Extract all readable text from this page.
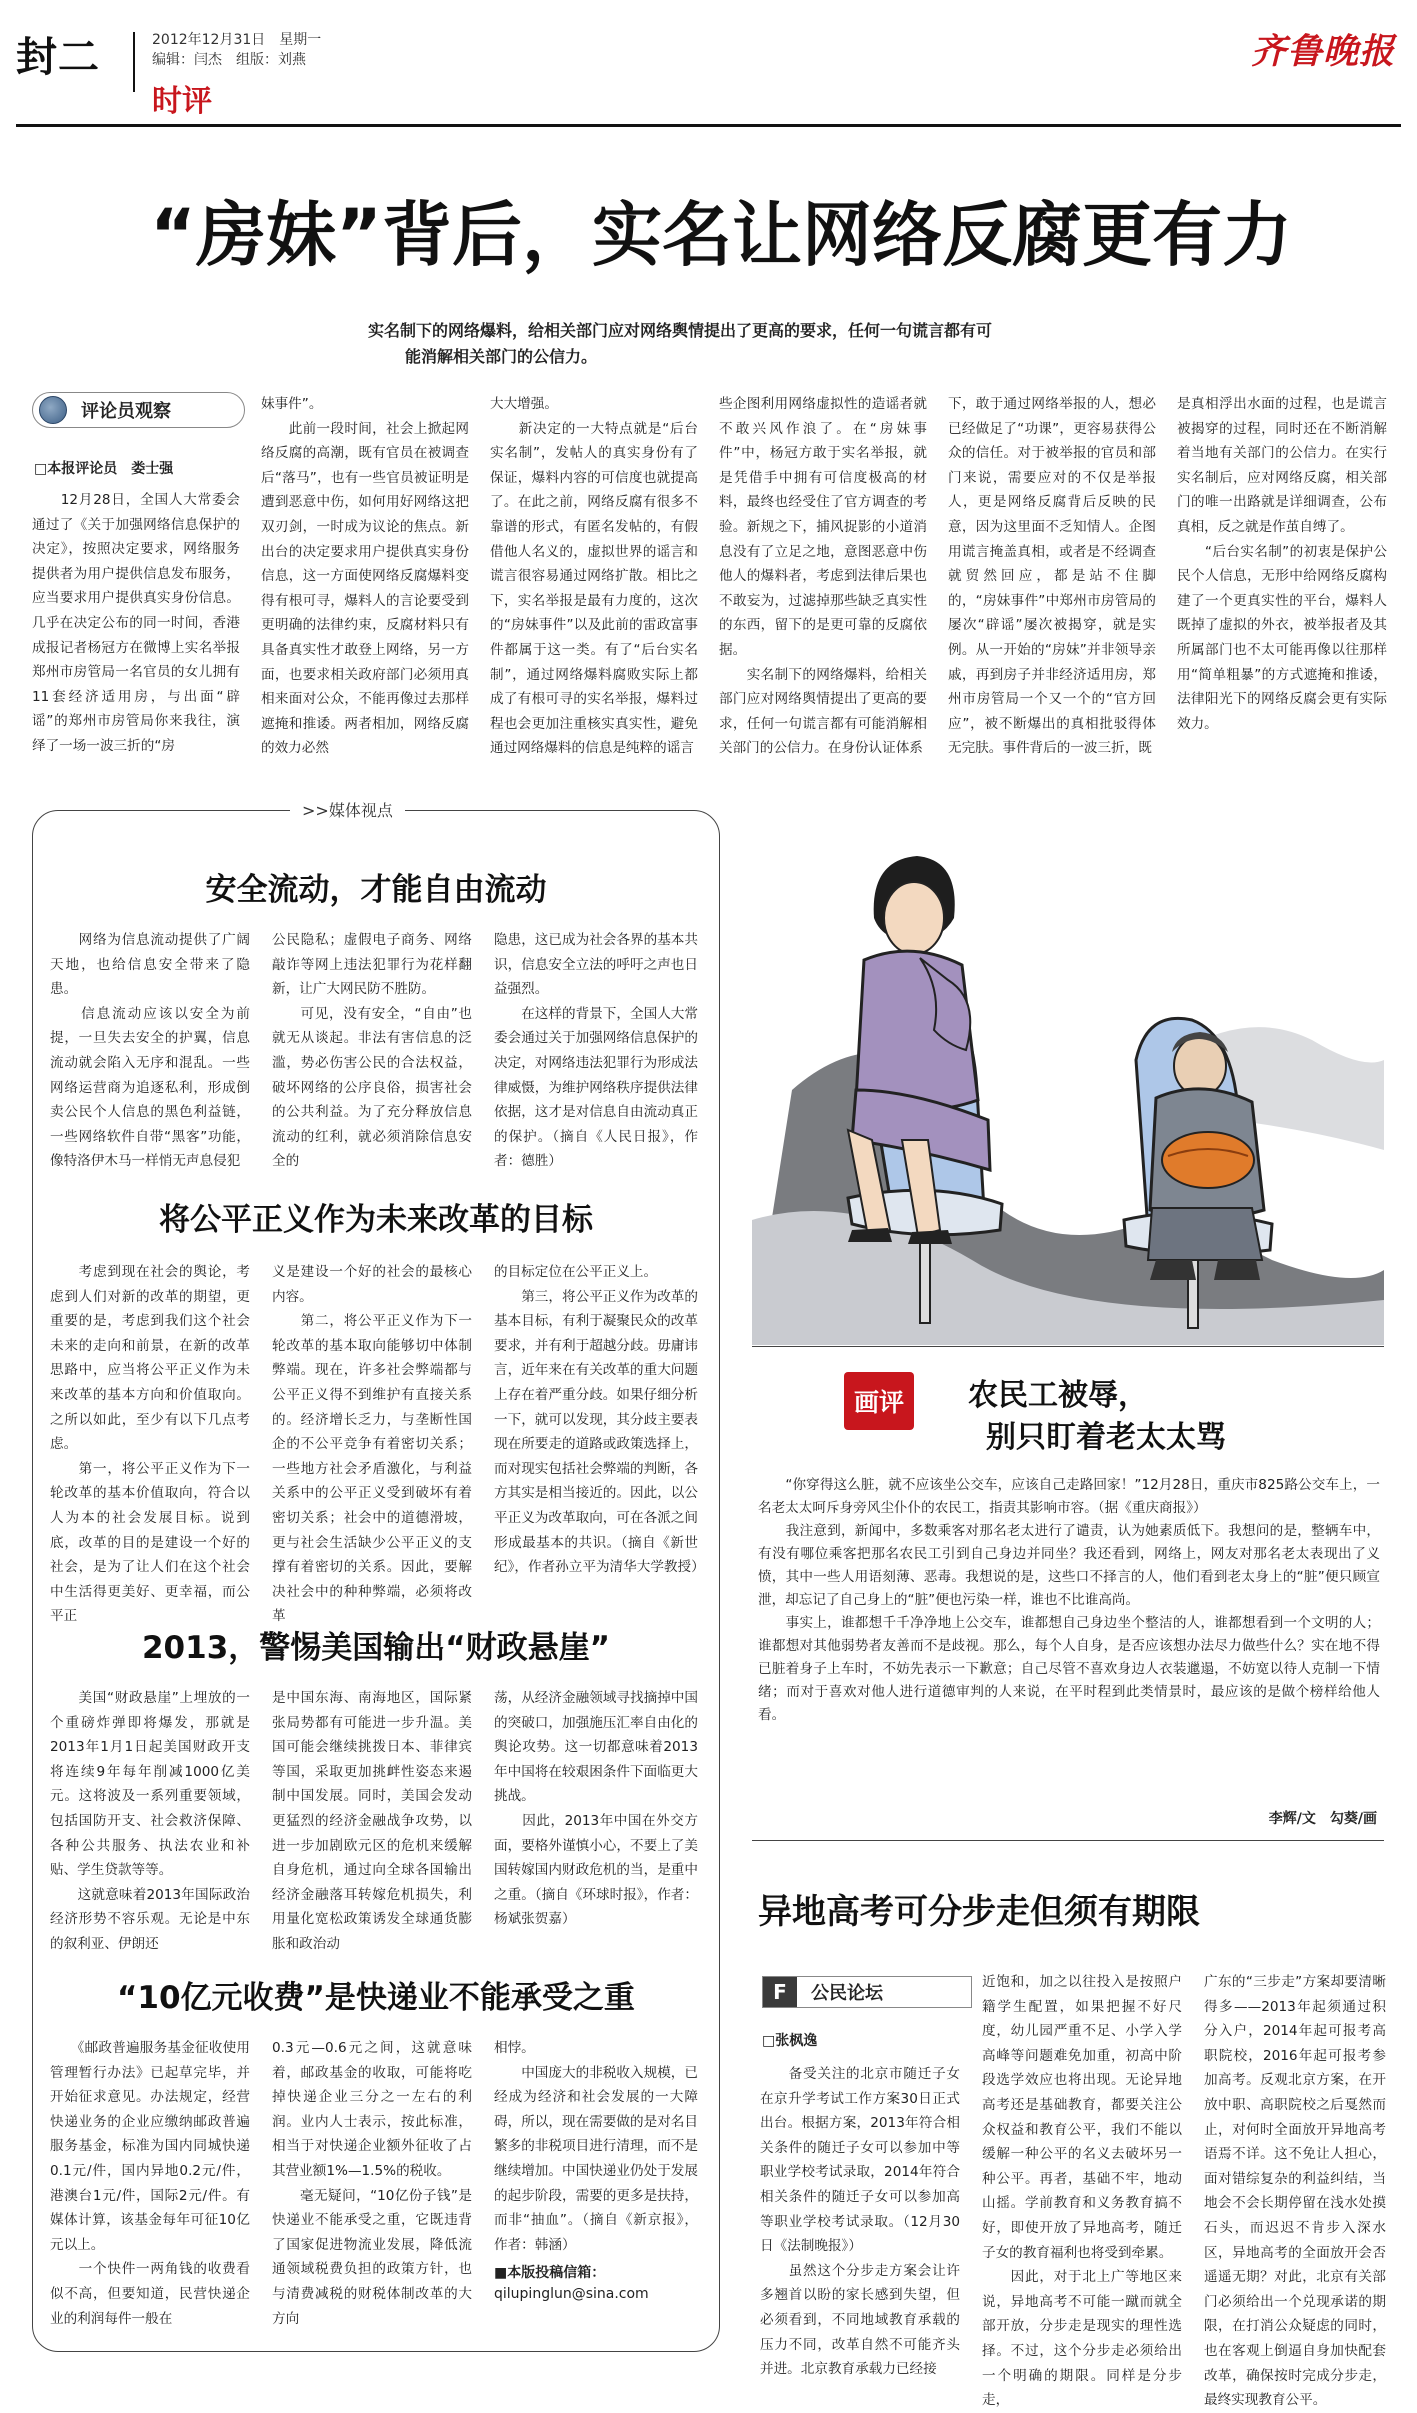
封二	2012年12月31日　星期一
编辑：闫杰　组版：刘燕
时评
齐鲁晚报
“房妹”背后，实名让网络反腐更有力
实名制下的网络爆料，给相关部门应对网络舆情提出了更高的要求，任何一句谎言都有可
能消解相关部门的公信力。
评论员观察
□本报评论员　娄士强
　　12月28日，全国人大常委会通过了《关于加强网络信息保护的决定》，按照决定要求，网络服务提供者为用户提供信息发布服务，应当要求用户提供真实身份信息。几乎在决定公布的同一时间，香港成报记者杨冠方在微博上实名举报郑州市房管局一名官员的女儿拥有11套经济适用房，与出面“辟谣”的郑州市房管局你来我往，演绎了一场一波三折的“房
妹事件”。
　　此前一段时间，社会上掀起网络反腐的高潮，既有官员在被调查后“落马”，也有一些官员被证明是遭到恶意中伤，如何用好网络这把双刃剑，一时成为议论的焦点。新出台的决定要求用户提供真实身份信息，这一方面使网络反腐爆料变得有根可寻，爆料人的言论要受到更明确的法律约束，反腐材料只有具备真实性才敢登上网络，另一方面，也要求相关政府部门必须用真相来面对公众，不能再像过去那样遮掩和推诿。两者相加，网络反腐的效力必然
大大增强。
　　新决定的一大特点就是“后台实名制”，发帖人的真实身份有了保证，爆料内容的可信度也就提高了。在此之前，网络反腐有很多不靠谱的形式，有匿名发帖的，有假借他人名义的，虚拟世界的谣言和谎言很容易通过网络扩散。相比之下，实名举报是最有力度的，这次的“房妹事件”以及此前的雷政富事件都属于这一类。有了“后台实名制”，通过网络爆料腐败实际上都成了有根可寻的实名举报，爆料过程也会更加注重核实真实性，避免通过网络爆料的信息是纯粹的谣言
些企图利用网络虚拟性的造谣者就不敢兴风作浪了。在“房妹事件”中，杨冠方敢于实名举报，就是凭借手中拥有可信度极高的材料，最终也经受住了官方调查的考验。新规之下，捕风捉影的小道消息没有了立足之地，意图恶意中伤他人的爆料者，考虑到法律后果也不敢妄为，过滤掉那些缺乏真实性的东西，留下的是更可靠的反腐依据。
　　实名制下的网络爆料，给相关部门应对网络舆情提出了更高的要求，任何一句谎言都有可能消解相关部门的公信力。在身份认证体系
下，敢于通过网络举报的人，想必已经做足了“功课”，更容易获得公众的信任。对于被举报的官员和部门来说，需要应对的不仅是举报人，更是网络反腐背后反映的民意，因为这里面不乏知情人。企图用谎言掩盖真相，或者是不经调查就贸然回应，都是站不住脚的，“房妹事件”中郑州市房管局的屡次“辟谣”屡次被揭穿，就是实例。从一开始的“房妹”并非领导亲戚，再到房子并非经济适用房，郑州市房管局一个又一个的“官方回应”，被不断爆出的真相批驳得体无完肤。事件背后的一波三折，既
是真相浮出水面的过程，也是谎言被揭穿的过程，同时还在不断消解着当地有关部门的公信力。在实行实名制后，应对网络反腐，相关部门的唯一出路就是详细调查，公布真相，反之就是作茧自缚了。
　　“后台实名制”的初衷是保护公民个人信息，无形中给网络反腐构建了一个更真实性的平台，爆料人既掉了虚拟的外衣，被举报者及其所属部门也不太可能再像以往那样用“简单粗暴”的方式遮掩和推诿，法律阳光下的网络反腐会更有实际效力。
>>媒体视点
安全流动，才能自由流动
　　网络为信息流动提供了广阔天地，也给信息安全带来了隐患。
　　信息流动应该以安全为前提，一旦失去安全的护翼，信息流动就会陷入无序和混乱。一些网络运营商为追逐私利，形成倒卖公民个人信息的黑色利益链，一些网络软件自带“黑客”功能，像特洛伊木马一样悄无声息侵犯
公民隐私；虚假电子商务、网络敲诈等网上违法犯罪行为花样翻新，让广大网民防不胜防。
　　可见，没有安全，“自由”也就无从谈起。非法有害信息的泛滥，势必伤害公民的合法权益，破坏网络的公序良俗，损害社会的公共利益。为了充分释放信息流动的红利，就必须消除信息安全的
隐患，这已成为社会各界的基本共识，信息安全立法的呼吁之声也日益强烈。
　　在这样的背景下，全国人大常委会通过关于加强网络信息保护的决定，对网络违法犯罪行为形成法律威慑，为维护网络秩序提供法律依据，这才是对信息自由流动真正的保护。（摘自《人民日报》，作者：德胜）
将公平正义作为未来改革的目标
　　考虑到现在社会的舆论，考虑到人们对新的改革的期望，更重要的是，考虑到我们这个社会未来的走向和前景，在新的改革思路中，应当将公平正义作为未来改革的基本方向和价值取向。之所以如此，至少有以下几点考虑。
　　第一，将公平正义作为下一轮改革的基本价值取向，符合以人为本的社会发展目标。说到底，改革的目的是建设一个好的社会，是为了让人们在这个社会中生活得更美好、更幸福，而公平正
义是建设一个好的社会的最核心内容。
　　第二，将公平正义作为下一轮改革的基本取向能够切中体制弊端。现在，许多社会弊端都与公平正义得不到维护有直接关系的。经济增长乏力，与垄断性国企的不公平竞争有着密切关系；一些地方社会矛盾激化，与利益关系中的公平正义受到破坏有着密切关系；社会中的道德滑坡，更与社会生活缺少公平正义的支撑有着密切的关系。因此，要解决社会中的种种弊端，必须将改革
的目标定位在公平正义上。
　　第三，将公平正义作为改革的基本目标，有利于凝聚民众的改革要求，并有利于超越分歧。毋庸讳言，近年来在有关改革的重大问题上存在着严重分歧。如果仔细分析一下，就可以发现，其分歧主要表现在所要走的道路或政策选择上，而对现实包括社会弊端的判断，各方其实是相当接近的。因此，以公平正义为改革取向，可在各派之间形成最基本的共识。（摘自《新世纪》，作者孙立平为清华大学教授）
2013，警惕美国输出“财政悬崖”
　　美国“财政悬崖”上埋放的一个重磅炸弹即将爆发，那就是2013年1月1日起美国财政开支将连续9年每年削减1000亿美元。这将波及一系列重要领域，包括国防开支、社会救济保障、各种公共服务、执法农业和补贴、学生贷款等等。
　　这就意味着2013年国际政治经济形势不容乐观。无论是中东的叙利亚、伊朗还
是中国东海、南海地区，国际紧张局势都有可能进一步升温。美国可能会继续挑拨日本、菲律宾等国，采取更加挑衅性姿态来遏制中国发展。同时，美国会发动更猛烈的经济金融战争攻势，以进一步加剧欧元区的危机来缓解自身危机，通过向全球各国输出经济金融落耳转嫁危机损失，利用量化宽松政策诱发全球通货膨胀和政治动
荡，从经济金融领域寻找摘掉中国的突破口，加强施压汇率自由化的舆论攻势。这一切都意味着2013年中国将在较艰困条件下面临更大挑战。
　　因此，2013年中国在外交方面，要格外谨慎小心，不要上了美国转嫁国内财政危机的当，是重中之重。（摘自《环球时报》，作者：杨斌张贺嘉）
“10亿元收费”是快递业不能承受之重
　　《邮政普遍服务基金征收使用管理暂行办法》已起草完毕，并开始征求意见。办法规定，经营快递业务的企业应缴纳邮政普遍服务基金，标准为国内同城快递0.1元/件，国内异地0.2元/件，港澳台1元/件，国际2元/件。有媒体计算，该基金每年可征10亿元以上。
　　一个快件一两角钱的收费看似不高，但要知道，民营快递企业的利润每件一般在
0.3元—0.6元之间，这就意味着，邮政基金的收取，可能将吃掉快递企业三分之一左右的利润。业内人士表示，按此标准，相当于对快递企业额外征收了占其营业额1%—1.5%的税收。
　　毫无疑问，“10亿份子钱”是快递业不能承受之重，它既违背了国家促进物流业发展，降低流通领域税费负担的政策方针，也与清费减税的财税体制改革的大方向
相悖。
　　中国庞大的非税收入规模，已经成为经济和社会发展的一大障碍，所以，现在需要做的是对名目繁多的非税项目进行清理，而不是继续增加。中国快递业仍处于发展的起步阶段，需要的更多是扶持，而非“抽血”。（摘自《新京报》，作者：韩涵）
■本版投稿信箱：
qilupinglun@sina.com
画评 农民工被辱，
别只盯着老太太骂
　　“你穿得这么脏，就不应该坐公交车，应该自己走路回家！”12月28日，重庆市825路公交车上，一名老太太呵斥身旁风尘仆仆的农民工，指责其影响市容。（据《重庆商报》）
　　我注意到，新闻中，多数乘客对那名老太进行了谴责，认为她素质低下。我想问的是，整辆车中，有没有哪位乘客把那名农民工引到自己身边并同坐？我还看到，网络上，网友对那名老太表现出了义愤，其中一些人用语刻薄、恶毒。我想说的是，这些口不择言的人，他们看到老太身上的“脏”便只顾宣泄，却忘记了自己身上的“脏”便也污染一样，谁也不比谁高尚。
　　事实上，谁都想千千净净地上公交车，谁都想自己身边坐个整洁的人，谁都想看到一个文明的人；谁都想对其他弱势者友善而不是歧视。那么，每个人自身，是否应该想办法尽力做些什么？实在地不得已脏着身子上车时，不妨先表示一下歉意；自己尽管不喜欢身边人衣装邋遢，不妨宽以待人克制一下情绪；而对于喜欢对他人进行道德审判的人来说，在平时程到此类情景时，最应该的是做个榜样给他人看。
李辉/文　勾葵/画
异地高考可分步走但须有期限
F	公民论坛
□张枫逸
　　备受关注的北京市随迁子女在京升学考试工作方案30日正式出台。根据方案，2013年符合相关条件的随迁子女可以参加中等职业学校考试录取，2014年符合相关条件的随迁子女可以参加高等职业学校考试录取。（12月30日《法制晚报》）
　　虽然这个分步走方案会让许多翘首以盼的家长感到失望，但必须看到，不同地域教育承载的压力不同，改革自然不可能齐头并进。北京教育承载力已经接
近饱和，加之以往投入是按照户籍学生配置，如果把握不好尺度，幼儿园严重不足、小学入学高峰等问题难免加重，初高中阶段选学效应也将出现。无论异地高考还是基础教育，都要关注公众权益和教育公平，我们不能以缓解一种公平的名义去破坏另一种公平。再者，基础不牢，地动山摇。学前教育和义务教育搞不好，即使开放了异地高考，随迁子女的教育福利也将受到牵累。
　　因此，对于北上广等地区来说，异地高考不可能一蹴而就全部开放，分步走是现实的理性选择。不过，这个分步走必须给出一个明确的期限。同样是分步走，
广东的“三步走”方案却要清晰得多——2013年起须通过积分入户，2014年起可报考高职院校，2016年起可报考参加高考。反观北京方案，在开放中职、高职院校之后戛然而止，对何时全面放开异地高考语焉不详。这不免让人担心，面对错综复杂的利益纠结，当地会不会长期停留在浅水处摸石头，而迟迟不肯步入深水区，异地高考的全面放开会否遥遥无期？对此，北京有关部门必须给出一个兑现承诺的期限，在打消公众疑虑的同时，也在客观上倒逼自身加快配套改革，确保按时完成分步走，最终实现教育公平。
